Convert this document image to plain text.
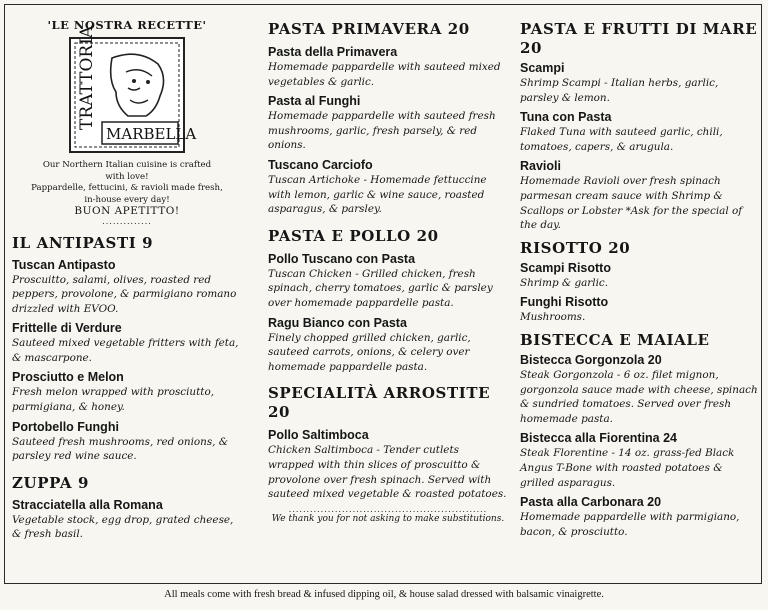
'LE NOSTRA RECETTE'
TRATTORIA
MARBELLA
Our Northern Italian cuisine is crafted
with love!
Pappardelle, fettucini, & ravioli made fresh,
in-house every day!
BUON APETITTO!
..............
IL ANTIPASTI 9

Tuscan Antipasto

Proscuitto, salami, olives, roasted red peppers, provolone, & parmigiano romano drizzled with EVOO.

Frittelle di Verdure

Sauteed mixed vegetable fritters with feta, & mascarpone.

Prosciutto e Melon

Fresh melon wrapped with prosciutto, parmigiana, & honey.

Portobello Funghi

Sauteed fresh mushrooms, red onions, & parsley red wine sauce.

ZUPPA 9

Stracciatella alla Romana

Vegetable stock, egg drop, grated cheese, & fresh basil.

PASTA PRIMAVERA 20

Pasta della Primavera

Homemade pappardelle with sauteed mixed vegetables & garlic.

Pasta al Funghi

Homemade pappardelle with sauteed fresh mushrooms, garlic, fresh parsely, & red onions.

Tuscano Carciofo

Tuscan Artichoke - Homemade fettuccine with lemon, garlic & wine sauce, roasted asparagus, & parsley.

PASTA E POLLO 20

Pollo Tuscano con Pasta

Tuscan Chicken - Grilled chicken, fresh spinach, cherry tomatoes, garlic & parsley over homemade pappardelle pasta.

Ragu Bianco con Pasta

Finely chopped grilled chicken, garlic, sauteed carrots, onions, & celery over homemade pappardelle pasta.

SPECIALITÀ ARROSTITE 20

Pollo Saltimboca

Chicken Saltimboca - Tender cutlets wrapped with thin slices of proscuitto & provolone over fresh spinach. Served with sauteed mixed vegetable & roasted potatoes.

........................................................
We thank you for not asking to make substitutions.
PASTA E FRUTTI DI MARE 20

Scampi

Shrimp Scampi - Italian herbs, garlic, parsley & lemon.

Tuna con Pasta

Flaked Tuna with sauteed garlic, chili, tomatoes, capers, & arugula.

Ravioli

Homemade Ravioli over fresh spinach parmesan cream sauce with Shrimp & Scallops or Lobster *Ask for the special of the day.

RISOTTO 20

Scampi Risotto

Shrimp & garlic.

Funghi Risotto

Mushrooms.

BISTECCA E MAIALE

Bistecca Gorgonzola 20

Steak Gorgonzola - 6 oz. filet mignon, gorgonzola sauce made with cheese, spinach & sundried tomatoes. Served over fresh homemade pasta.

Bistecca alla Fiorentina 24

Steak Florentine - 14 oz. grass-fed Black Angus T-Bone with roasted potatoes & grilled asparagus.

Pasta alla Carbonara 20

Homemade pappardelle with parmigiano, bacon, & prosciutto.

All meals come with fresh bread & infused dipping oil, & house salad dressed with balsamic vinaigrette.
